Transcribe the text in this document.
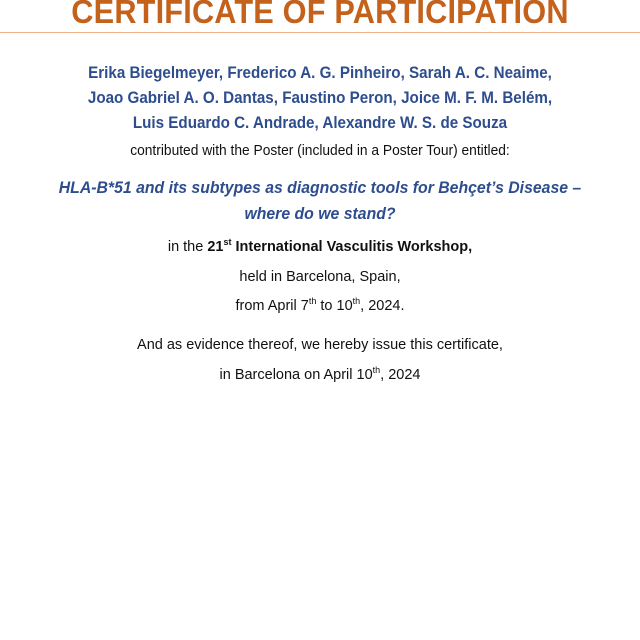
CERTIFICATE OF PARTICIPATION
Erika Biegelmeyer, Frederico A. G. Pinheiro, Sarah A. C. Neaime,
Joao Gabriel A. O. Dantas, Faustino Peron, Joice M. F. M. Belém,
Luis Eduardo C. Andrade, Alexandre W. S. de Souza
contributed with the Poster (included in a Poster Tour) entitled:
HLA-B*51 and its subtypes as diagnostic tools for Behçet’s Disease –
where do we stand?
in the 21st International Vasculitis Workshop,
held in Barcelona, Spain,
from April 7th to 10th, 2024.
And as evidence thereof, we hereby issue this certificate,
in Barcelona on April 10th, 2024
